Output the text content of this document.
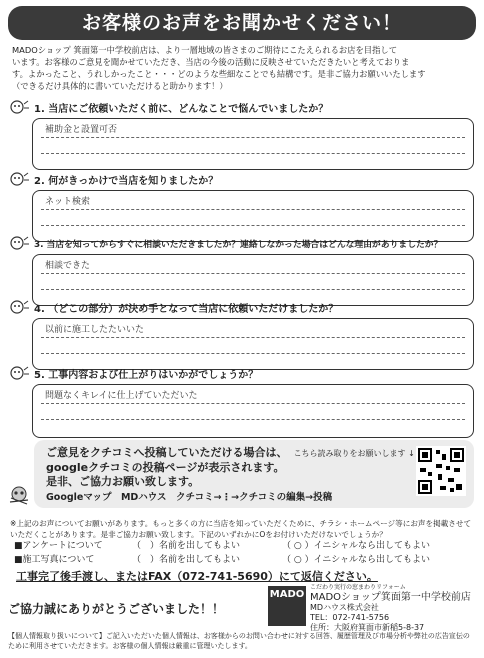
お客様のお声をお聞かせください！
MADOショップ 箕面第一中学校前店は、より一層地域の皆さまのご期待にこたえられるお店を目指して
います。お客様のご意見を聞かせていただき、当店の今後の活動に反映させていただきたいと考えておりま
す。よかったこと、うれしかったこと・・・どのような些細なことでも結構です。是非ご協力お願いいたします
（できるだけ具体的に書いていただけると助かります！）
1. 当店にご依頼いただく前に、どんなことで悩んでいましたか？
補助金と設置可否
2. 何がきっかけで当店を知りましたか？
ネット検索
3. 当店を知ってからすぐに相談いただきましたか？連絡しなかった場合はどんな理由がありましたか？
相談できた
4. （どこの部分）が決め手となって当店に依頼いただけましたか？
以前に施工したたいいた
5. 工事内容および仕上がりはいかがでしょうか？
問題なくキレイに仕上げていただいた
ご意見をクチコミへ投稿していただける場合は、 こちら読み取りをお願いします ↓
googleクチコミの投稿ページが表示されます。
是非、ご協力お願い致します。
Googleマップ　MDハウス　クチコミ→⋮→クチコミの編集→投稿
※上記のお声についてお願いがあります。もっと多くの方に当店を知っていただくために、チラシ・ホームページ等にお声を掲載させていただくことがあります。是非ご協力お願い致します。下記のいずれかにOをお付けいただけないでしょうか？
■アンケートについて	（　）名前を出してもよい	（ ○ ）イニシャルなら出してもよい
■施工写真について	（　）名前を出してもよい	（ ○ ）イニシャルなら出してもよい
工事完了後手渡し、またはFAX（072-741-5690）にて返信ください。
ご協力誠にありがとうございました！！
MADO
こだわり実行の窓まわりリフォーム
MADOショップ箕面第一中学校前店
MDハウス株式会社
TEL：072-741-5756
住所：大阪府箕面市新稲5-8-37
【個人情報取り扱いについて】ご記入いただいた個人情報は、お客様からのお問い合わせに対する回答、履歴管理及び市場分析や弊社の広告宣伝のために利用させていただきます。お客様の個人情報は厳重に管理いたします。
